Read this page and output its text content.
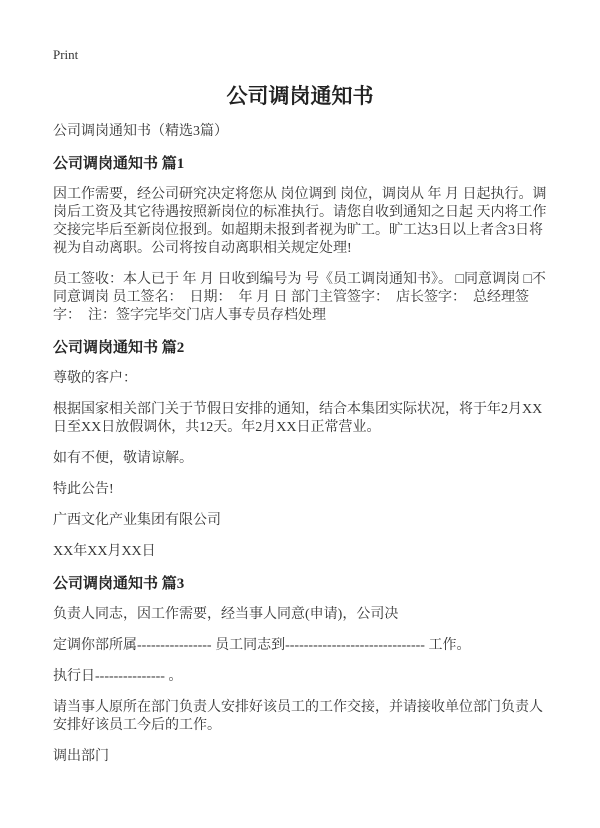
Print
公司调岗通知书

公司调岗通知书（精选3篇）

公司调岗通知书 篇1

因工作需要，经公司研究决定将您从 岗位调到 岗位，调岗从 年 月 日起执行。调岗后工资及其它待遇按照新岗位的标准执行。请您自收到通知之日起 天内将工作交接完毕后至新岗位报到。如超期未报到者视为旷工。旷工达3日以上者含3日将视为自动离职。公司将按自动离职相关规定处理!

员工签收：本人已于 年 月 日收到编号为 号《员工调岗通知书》。 □同意调岗 □不同意调岗 员工签名：  日期：  年 月 日 部门主管签字：  店长签字：  总经理签字：  注：签字完毕交门店人事专员存档处理

公司调岗通知书 篇2

尊敬的客户：

根据国家相关部门关于节假日安排的通知，结合本集团实际状况，将于年2月XX日至XX日放假调休，共12天。年2月XX日正常营业。

如有不便，敬请谅解。

特此公告!

广西文化产业集团有限公司

XX年XX月XX日

公司调岗通知书 篇3

负责人同志，因工作需要，经当事人同意(申请)，公司决

定调你部所属---------------- 员工同志到------------------------------ 工作。

执行日--------------- 。

请当事人原所在部门负责人安排好该员工的工作交接，并请接收单位部门负责人安排好该员工今后的工作。

调出部门
